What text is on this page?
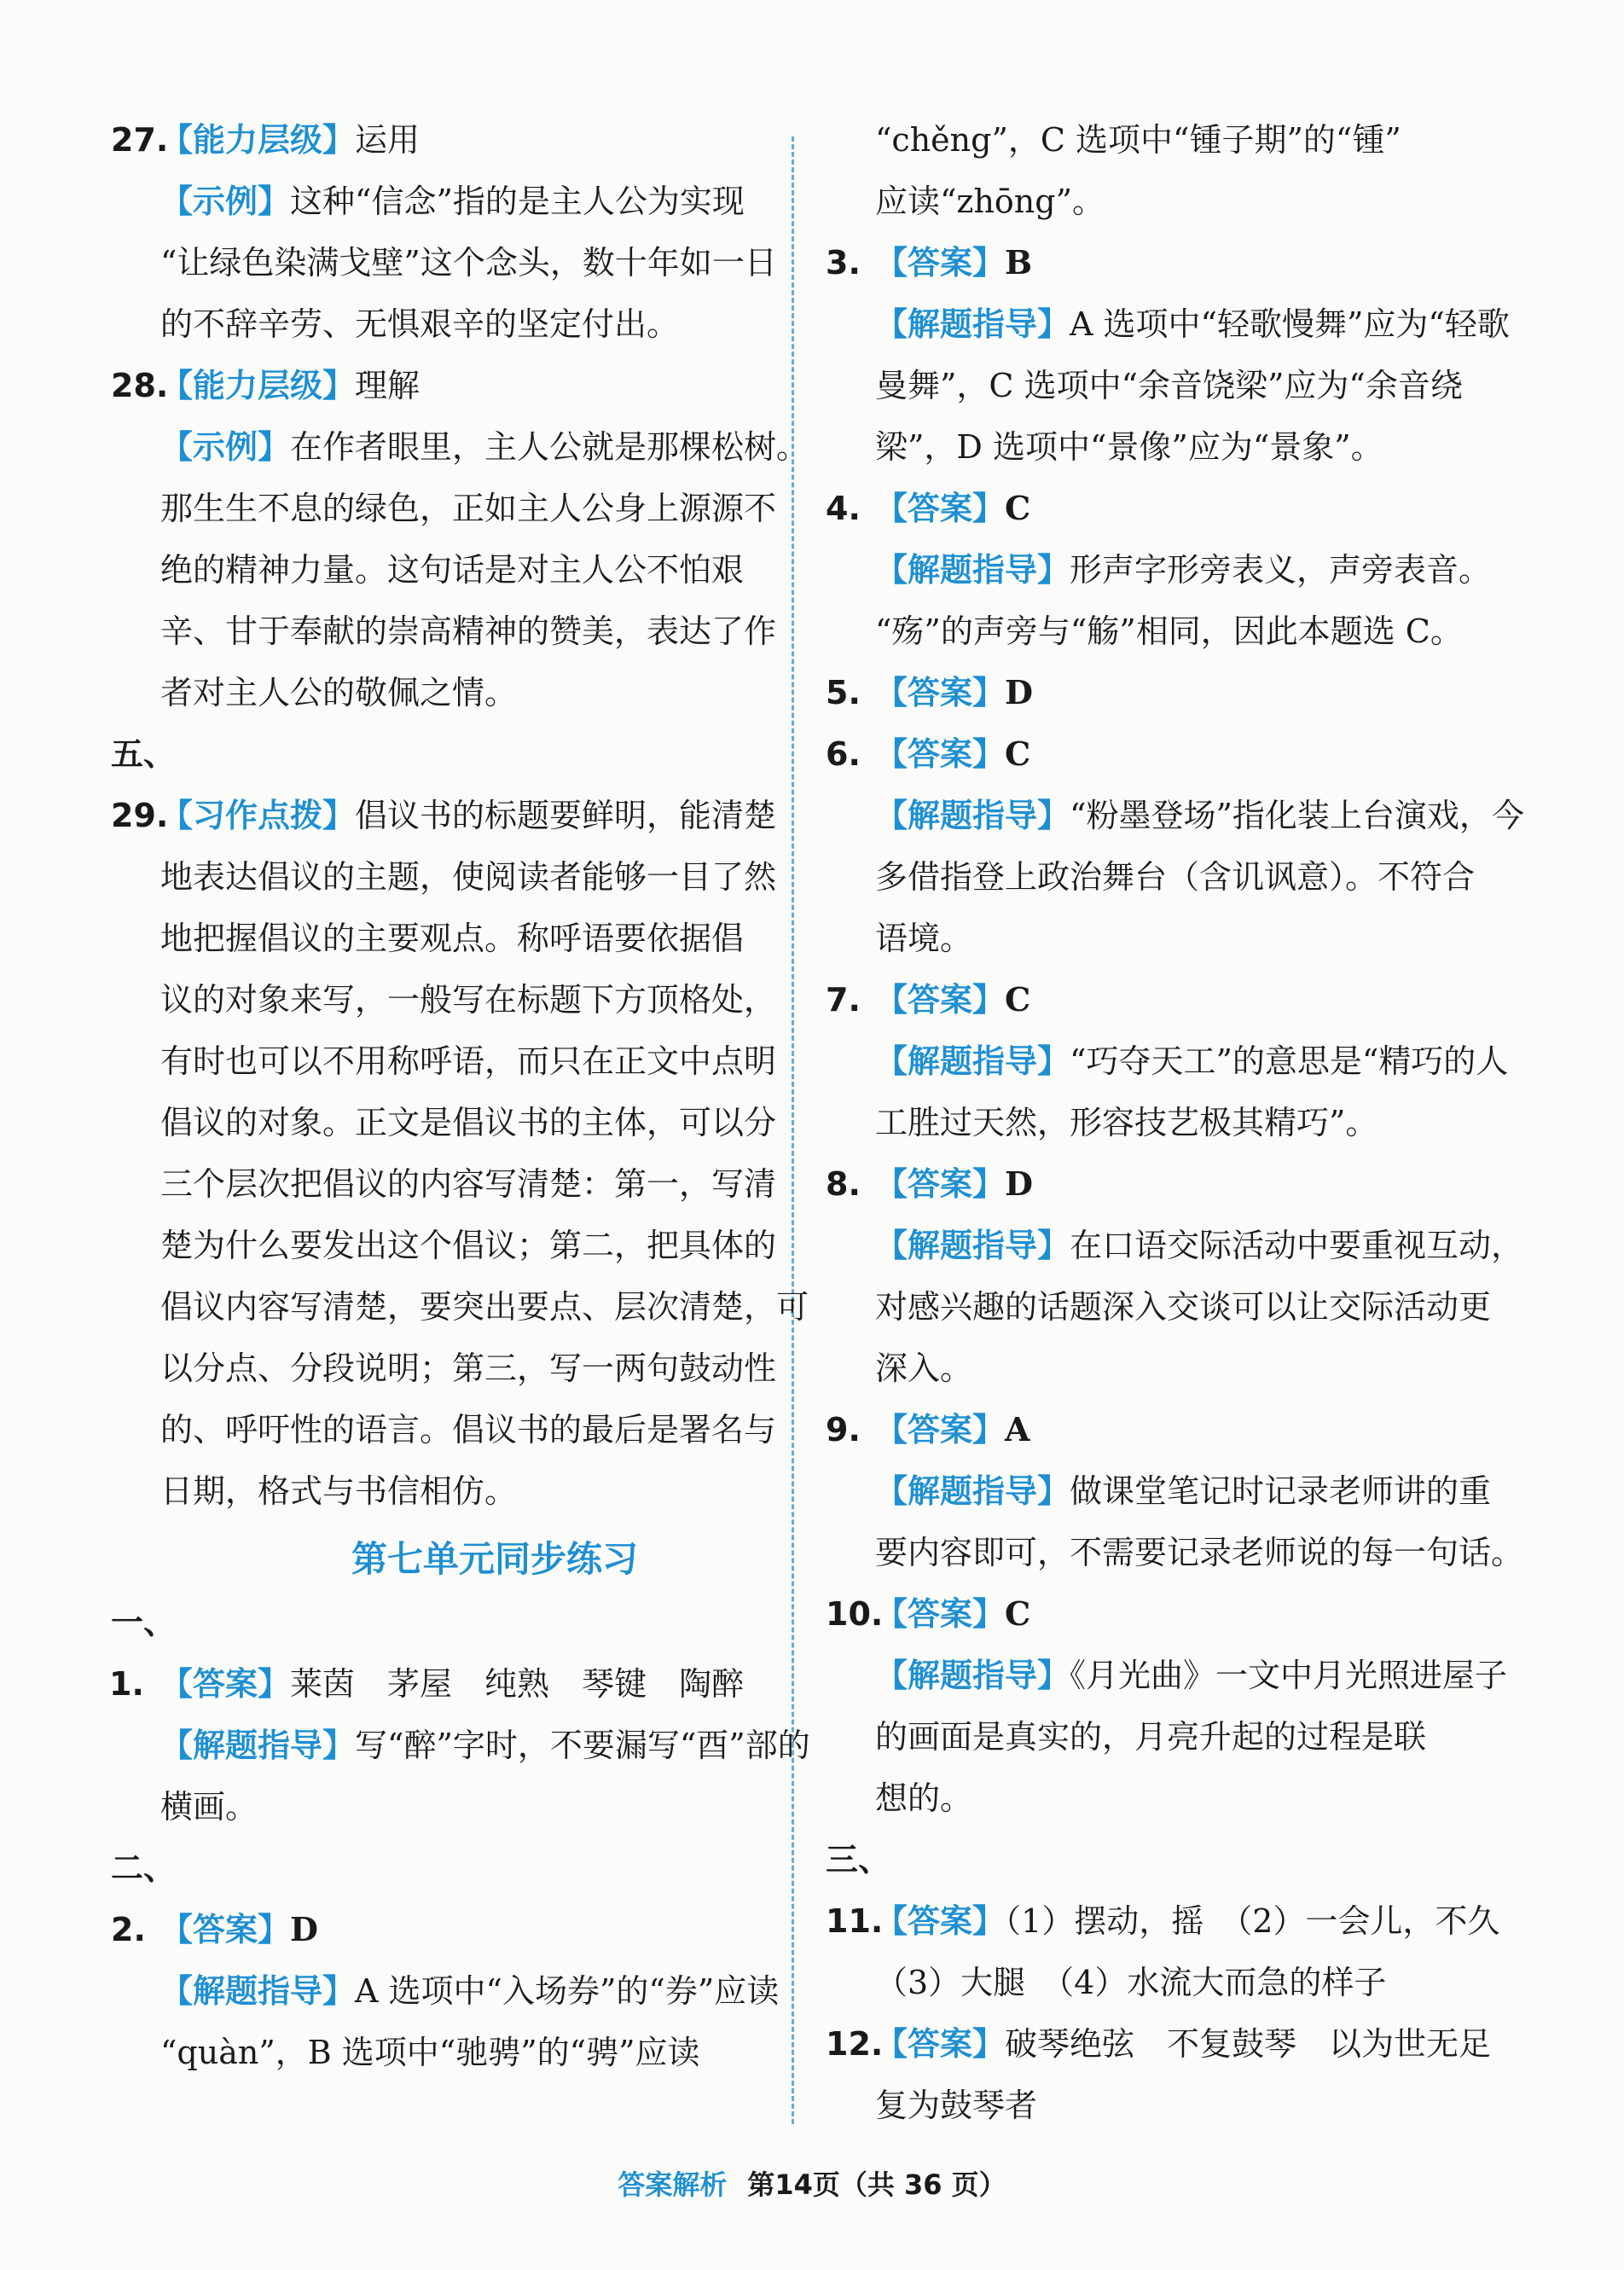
27.
【能力层级】运用
【示例】这种“信念”指的是主人公为实现
“让绿色染满戈壁”这个念头，数十年如一日
的不辞辛劳、无惧艰辛的坚定付出。
28.
【能力层级】理解
【示例】在作者眼里，主人公就是那棵松树。
那生生不息的绿色，正如主人公身上源源不
绝的精神力量。这句话是对主人公不怕艰
辛、甘于奉献的崇高精神的赞美，表达了作
者对主人公的敬佩之情。
五、
29.
【习作点拨】倡议书的标题要鲜明，能清楚
地表达倡议的主题，使阅读者能够一目了然
地把握倡议的主要观点。称呼语要依据倡
议的对象来写，一般写在标题下方顶格处，
有时也可以不用称呼语，而只在正文中点明
倡议的对象。正文是倡议书的主体，可以分
三个层次把倡议的内容写清楚：第一，写清
楚为什么要发出这个倡议；第二，把具体的
倡议内容写清楚，要突出要点、层次清楚，可
以分点、分段说明；第三，写一两句鼓动性
的、呼吁性的语言。倡议书的最后是署名与
日期，格式与书信相仿。
第七单元同步练习
一、
1. 【答案】莱茵 茅屋 纯熟 琴键 陶醉
【解题指导】写“醉”字时，不要漏写“酉”部的
横画。
二、
2. 【答案】D
【解题指导】A 选项中“入场券”的“券”应读
“quàn”，B 选项中“驰骋”的“骋”应读
“chěng”，C 选项中“锺子期”的“锺”
应读“zhōng”。
3. 【答案】B
【解题指导】A 选项中“轻歌慢舞”应为“轻歌
曼舞”，C 选项中“余音饶梁”应为“余音绕
梁”，D 选项中“景像”应为“景象”。
4. 【答案】C
【解题指导】形声字形旁表义，声旁表音。
“殇”的声旁与“觞”相同，因此本题选 C。
5. 【答案】D
6. 【答案】C
【解题指导】“粉墨登场”指化装上台演戏，今
多借指登上政治舞台（含讥讽意）。不符合
语境。
7. 【答案】C
【解题指导】“巧夺天工”的意思是“精巧的人
工胜过天然，形容技艺极其精巧”。
8. 【答案】D
【解题指导】在口语交际活动中要重视互动，
对感兴趣的话题深入交谈可以让交际活动更
深入。
9. 【答案】A
【解题指导】做课堂笔记时记录老师讲的重
要内容即可，不需要记录老师说的每一句话。
10.
【答案】C
【解题指导】《月光曲》一文中月光照进屋子
的画面是真实的，月亮升起的过程是联
想的。
三、
11.
【答案】（1）摆动，摇　（2）一会儿，不久
（3）大腿　（4）水流大而急的样子
12.
【答案】破琴绝弦　不复鼓琴　以为世无足
复为鼓琴者
答案解析 第14页（共 36 页）
